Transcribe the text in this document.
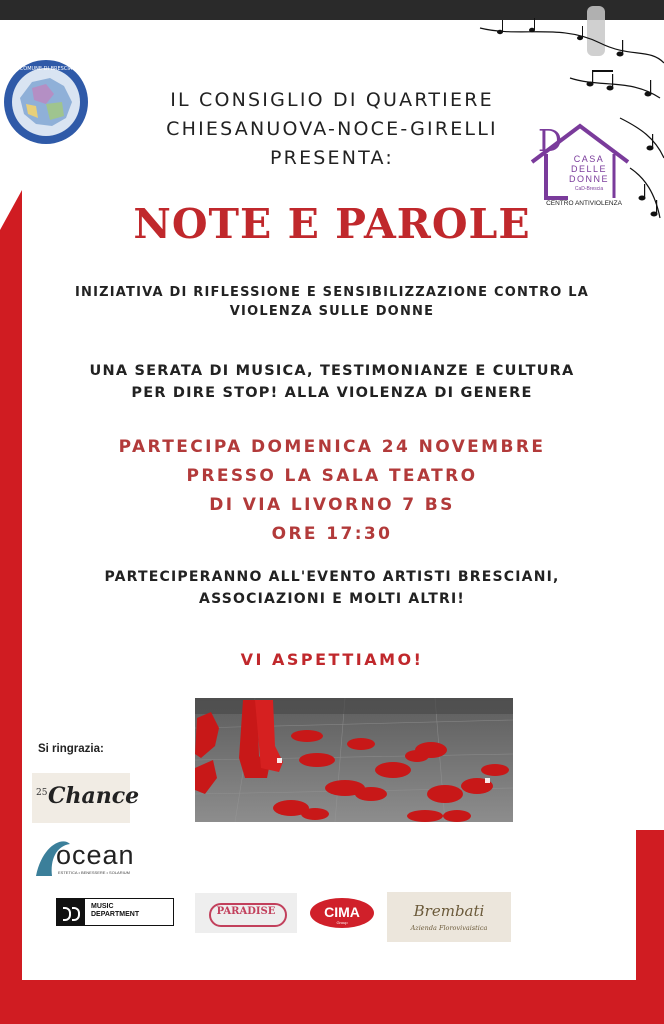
COMUNE DI BRESCIA
D	CASA
DELLE
DONNE
CaD-Brescia
CENTRO ANTIVIOLENZA
IL CONSIGLIO DI QUARTIERE
CHIESANUOVA-NOCE-GIRELLI
PRESENTA:
NOTE E PAROLE
INIZIATIVA DI RIFLESSIONE E SENSIBILIZZAZIONE CONTRO LA
VIOLENZA SULLE DONNE
UNA SERATA DI MUSICA, TESTIMONIANZE E CULTURA
PER DIRE STOP! ALLA VIOLENZA DI GENERE
PARTECIPA DOMENICA 24 NOVEMBRE
PRESSO LA SALA TEATRO
DI VIA LIVORNO 7 BS
ORE 17:30
PARTECIPERANNO ALL'EVENTO ARTISTI BRESCIANI,
ASSOCIAZIONI E MOLTI ALTRI!
VI ASPETTIAMO!
Si ringrazia:
25 Chance
ocean
ESTETICA • BENESSERE • SOLARIUM
MUSIC
DEPARTMENT	PARADISE	CIMA
Group
Brembati
Azienda Florovivaistica
